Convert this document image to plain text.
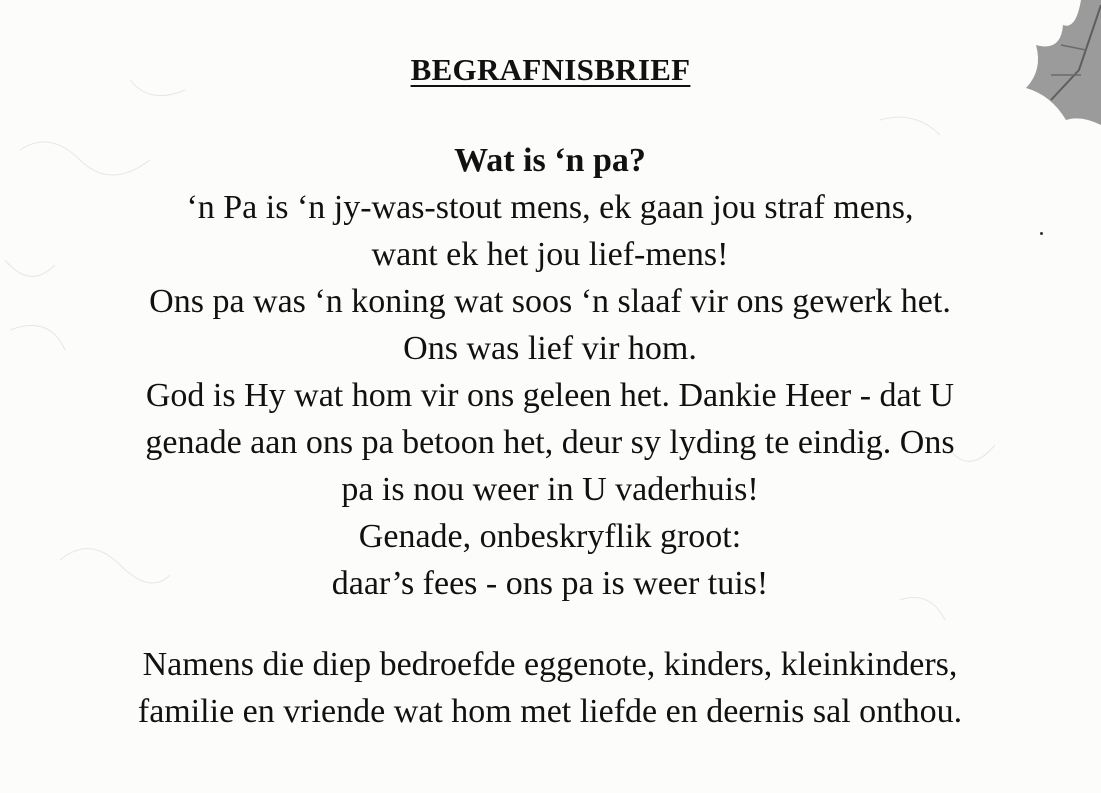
BEGRAFNISBRIEF
Wat is ‘n pa?
‘n Pa is ‘n jy-was-stout mens, ek gaan jou straf mens,
want ek het jou lief-mens!
Ons pa was ‘n koning wat soos ‘n slaaf vir ons gewerk het.
Ons was lief vir hom.
God is Hy wat hom vir ons geleen het. Dankie Heer - dat U
genade aan ons pa betoon het, deur sy lyding te eindig. Ons
pa is nou weer in U vaderhuis!
Genade, onbeskryflik groot:
daar’s fees - ons pa is weer tuis!
Namens die diep bedroefde eggenote, kinders, kleinkinders,
familie en vriende wat hom met liefde en deernis sal onthou.
